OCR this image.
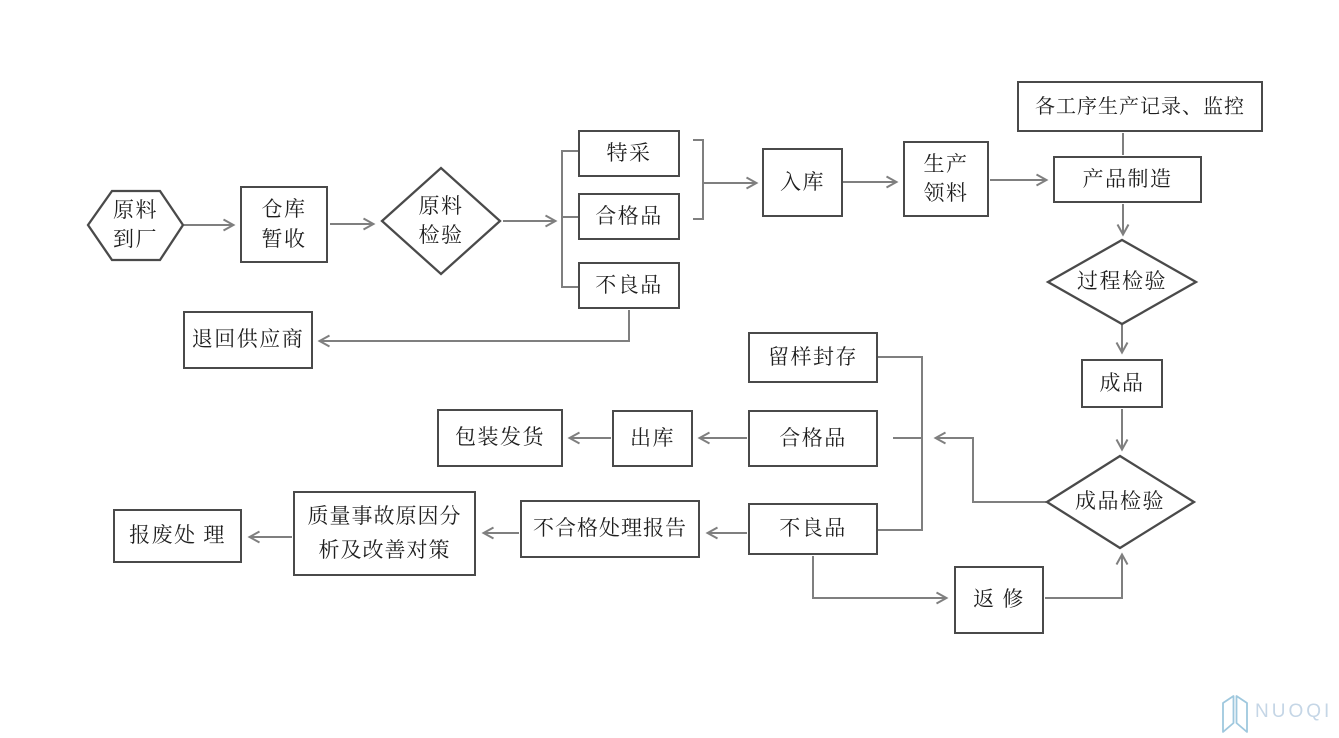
原料
到厂
仓库
暂收
原料
检验
特采
合格品
不良品
入库
生产
领料
各工序生产记录、监控
产品制造
过程检验
成品
成品检验
留样封存
合格品
出库
包装发货
不良品
退回供应商
不合格处理报告
质量事故原因分
析及改善对策
报废处 理
返 修
NUOQI
